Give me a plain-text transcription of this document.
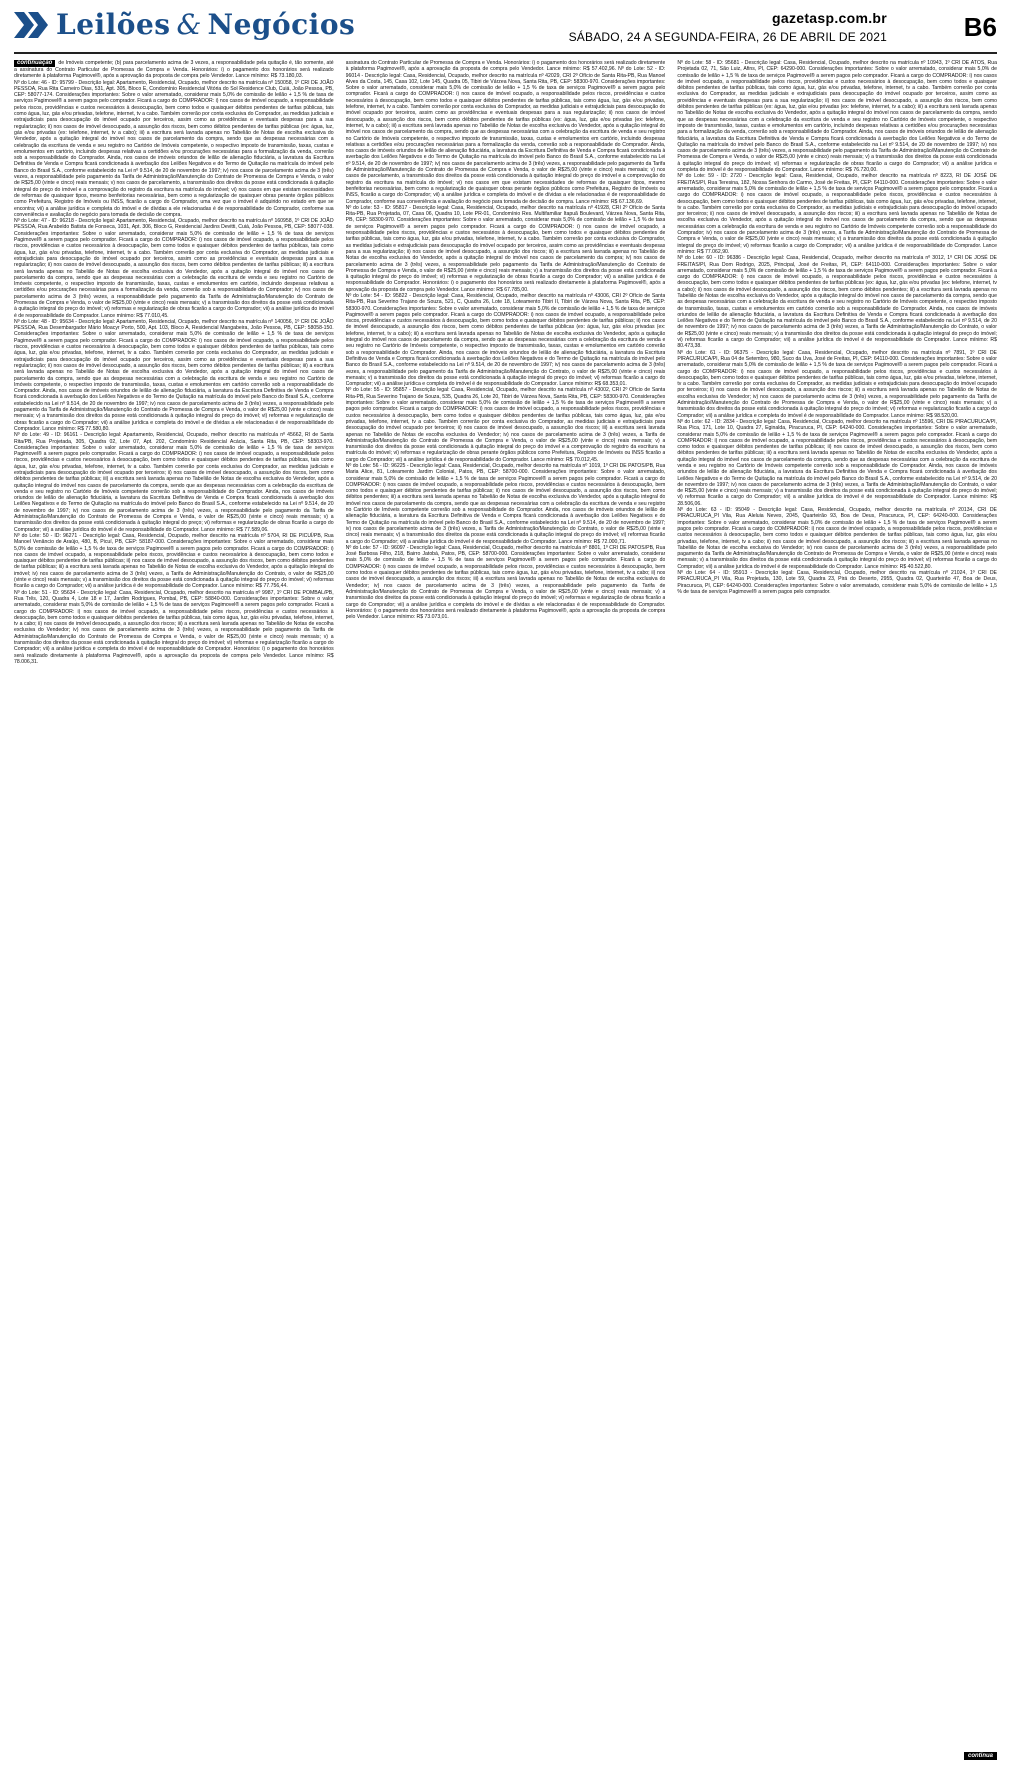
Leilões & Negócios	gazetasp.com.br
SÁBADO, 24 A SEGUNDA-FEIRA, 26 DE ABRIL DE 2021	B6
continuação de Imóveis competente; (b) para parcelamento acima de 3 vezes, a responsabilidade pela quitação é, tão somente, até a assinatura do Contrato Particular de Promessa de Compra e Venda. Honorários: i) o pagamento dos honorários será realizado diretamente à plataforma Pagimovel®, após a aprovação da proposta de compra pelo Vendedor. Lance mínimo: R$ 73.180,03.
Nº do Lote: 46 - ID: 95799 - Descrição legal: Apartamento, Residencial, Ocupado, melhor descrito na matrícula nº 150058, 1º CRI DE JOÃO PESSOA, Rua Rita Carneiro Dias, 531, Apt. 305, Bloco E, Condomínio Residencial Vitória do Sol Residence Club, Cuiá, João Pessoa, PB, CEP: 58077-174. Considerações importantes: Sobre o valor arrematado, considerar mais 5,0% de comissão de leilão + 1,5 % de taxa de serviços Pagimovel® a serem pagos pelo comprador. Ficará a cargo do COMPRADOR: i) nos casos de imóvel ocupado, a responsabilidade pelos riscos, providências e custos necessários à desocupação, bem como todos e quaisquer débitos pendentes de tarifas públicas, tais como água, luz, gás e/ou privadas, telefone, internet, tv a cabo. Também correrão por conta exclusiva do Comprador, as medidas judiciais e extrajudiciais para desocupação do imóvel ocupado por terceiros, assim como as providências e eventuais despesas para a sua regularização; ii) nos casos de imóvel desocupado, a assunção dos riscos, bem como débitos pendentes de tarifas públicas (ex: água, luz, gás e/ou privadas (ex: telefone, internet, tv a cabo); iii) a escritura será lavrada apenas no Tabelião de Notas de escolha exclusiva do Vendedor, após a quitação integral do imóvel nos casos de parcelamento da compra, sendo que as despesas necessárias com a celebração da escritura de venda e seu registro no Cartório de Imóveis competente, o respectivo imposto de transmissão, taxas, custas e emolumentos em cartório, incluindo despesas relativas a certidões e/ou procurações necessárias para a formalização da venda, correrão sob a responsabilidade do Comprador. Ainda, nos casos de imóveis oriundos de leilão de alienação fiduciária, a lavratura da Escritura Definitiva de Venda e Compra ficará condicionada à averbação dos Leilões Negativos e do Termo de Quitação na matrícula do imóvel pelo Banco do Brasil S.A., conforme estabelecido na Lei nº 9.514, de 20 de novembro de 1997; iv) nos casos de parcelamento acima de 3 (três) vezes, a responsabilidade pelo pagamento da Tarifa de Administração/Manutenção do Contrato de Promessa de Compra e Venda, o valor de R$25,00 (vinte e cinco) reais mensais; v) nos casos de parcelamento, a transmissão dos direitos da posse está condicionada à quitação integral do preço do imóvel e a comprovação do registro da escritura na matrícula do imóvel; vi) nos casos em que existam necessidades de reformas de quaisquer tipos, mesmo benfeitorias necessárias, bem como a regularização de quaisquer obras perante órgãos públicos como Prefeitura, Registro de Imóveis ou INSS, ficarão a cargo do Comprador, uma vez que o imóvel é adquirido no estado em que se encontra; vii) a análise jurídica e completa do imóvel e de dívidas a ele relacionadas é de responsabilidade do Comprador, conforme sua conveniência e avaliação do negócio para tomada de decisão de compra.
Nº do Lote: 47 - ID: 96218 - Descrição legal: Apartamento, Residencial, Ocupado, melhor descrito na matrícula nº 160958, 1º CRI DE JOÃO PESSOA, Rua Arabeldo Batista de Fonseca, 1031, Apt. 306, Bloco G, Residencial Jardins Devitti, Cuiá, João Pessoa, PB, CEP: 58077-038. Considerações importantes: Sobre o valor arrematado, considerar mais 5,0% de comissão de leilão + 1,5 % de taxa de serviços Pagimovel® a serem pagos pelo comprador. Ficará a cargo do COMPRADOR: i) nos casos de imóvel ocupado, a responsabilidade pelos riscos, providências e custos necessários à desocupação, bem como todos e quaisquer débitos pendentes de tarifas públicas, tais como água, luz, gás e/ou privadas, telefone, internet, tv a cabo. Também correrão por conta exclusiva do Comprador, as medidas judiciais e extrajudiciais para desocupação do imóvel ocupado por terceiros, assim como as providências e eventuais despesas para a sua regularização; ii) nos casos de imóvel desocupado, a assunção dos riscos, bem como débitos pendentes de tarifas públicas; iii) a escritura será lavrada apenas no Tabelião de Notas de escolha exclusiva do Vendedor, após a quitação integral do imóvel nos casos de parcelamento da compra, sendo que as despesas necessárias com a celebração da escritura de venda e seu registro no Cartório de Imóveis competente, o respectivo imposto de transmissão, taxas, custas e emolumentos em cartório, incluindo despesas relativas a certidões e/ou procurações necessárias para a formalização da venda, correrão sob a responsabilidade do Comprador; iv) nos casos de parcelamento acima de 3 (três) vezes, a responsabilidade pelo pagamento da Tarifa de Administração/Manutenção do Contrato de Promessa de Compra e Venda, o valor de R$25,00 (vinte e cinco) reais mensais; v) a transmissão dos direitos da posse está condicionada à quitação integral do preço do imóvel; vi) reformas e regularização de obras ficarão a cargo do Comprador; vii) a análise jurídica do imóvel é de responsabilidade do Comprador. Lance mínimo: R$ 77.010,45.
Nº do Lote: 48 - ID: 95634 - Descrição legal: Apartamento, Residencial, Ocupado, melhor descrito na matrícula nº 140056, 1º CRI DE JOÃO PESSOA, Rua Desembargador Mário Moacyr Porto, 500, Apt. 103, Bloco A, Residencial Mangabeira, João Pessoa, PB, CEP: 58058-150. Considerações importantes: Sobre o valor arrematado, considerar mais 5,0% de comissão de leilão + 1,5 % de taxa de serviços Pagimovel® a serem pagos pelo comprador. Ficará a cargo do COMPRADOR: i) nos casos de imóvel ocupado, a responsabilidade pelos riscos, providências e custos necessários à desocupação, bem como todos e quaisquer débitos pendentes de tarifas públicas, tais como água, luz, gás e/ou privadas, telefone, internet, tv a cabo. Também correrão por conta exclusiva do Comprador, as medidas judiciais e extrajudiciais para desocupação do imóvel ocupado por terceiros, assim como as providências e eventuais despesas para a sua regularização; ii) nos casos de imóvel desocupado, a assunção dos riscos, bem como débitos pendentes de tarifas públicas; iii) a escritura será lavrada apenas no Tabelião de Notas de escolha exclusiva do Vendedor, após a quitação integral do imóvel nos casos de parcelamento da compra, sendo que as despesas necessárias com a celebração da escritura de venda e seu registro no Cartório de Imóveis competente, o respectivo imposto de transmissão, taxas, custas e emolumentos em cartório correrão sob a responsabilidade do Comprador. Ainda, nos casos de imóveis oriundos de leilão de alienação fiduciária, a lavratura da Escritura Definitiva de Venda e Compra ficará condicionada à averbação dos Leilões Negativos e do Termo de Quitação na matrícula do imóvel pelo Banco do Brasil S.A., conforme estabelecido na Lei nº 9.514, de 20 de novembro de 1997; iv) nos casos de parcelamento acima de 3 (três) vezes, a responsabilidade pelo pagamento da Tarifa de Administração/Manutenção do Contrato de Promessa de Compra e Venda, o valor de R$25,00 (vinte e cinco) reais mensais; v) a transmissão dos direitos da posse está condicionada à quitação integral do preço do imóvel; vi) reformas e regularização de obras ficarão a cargo do Comprador; vii) a análise jurídica e completa do imóvel e de dívidas a ele relacionadas é de responsabilidade do Comprador. Lance mínimo: R$ 77.580,80.
Nº do Lote: 49 - ID: 96161 - Descrição legal: Apartamento, Residencial, Ocupado, melhor descrito na matrícula nº 45662, RI de Santa Rita/PB, Rua Projetada, 305, Quadra 02, Lote 07, Apt. 202, Condomínio Residencial Acácia, Santa Rita, PB, CEP: 58303-970. Considerações importantes: Sobre o valor arrematado, considerar mais 5,0% de comissão de leilão + 1,5 % de taxa de serviços Pagimovel® a serem pagos pelo comprador. Ficará a cargo do COMPRADOR: i) nos casos de imóvel ocupado, a responsabilidade pelos riscos, providências e custos necessários à desocupação, bem como todos e quaisquer débitos pendentes de tarifas públicas, tais como água, luz, gás e/ou privadas, telefone, internet, tv a cabo. Também correrão por conta exclusiva do Comprador, as medidas judiciais e extrajudiciais para desocupação do imóvel ocupado por terceiros; ii) nos casos de imóvel desocupado, a assunção dos riscos, bem como débitos pendentes de tarifas públicas; iii) a escritura será lavrada apenas no Tabelião de Notas de escolha exclusiva do Vendedor, após a quitação integral do imóvel nos casos de parcelamento da compra, sendo que as despesas necessárias com a celebração da escritura de venda e seu registro no Cartório de Imóveis competente correrão sob a responsabilidade do Comprador. Ainda, nos casos de imóveis oriundos de leilão de alienação fiduciária, a lavratura da Escritura Definitiva de Venda e Compra ficará condicionada à averbação dos Leilões Negativos e do Termo de Quitação na matrícula do imóvel pelo Banco do Brasil S.A., conforme estabelecido na Lei nº 9.514, de 20 de novembro de 1997; iv) nos casos de parcelamento acima de 3 (três) vezes, a responsabilidade pelo pagamento da Tarifa de Administração/Manutenção do Contrato de Promessa de Compra e Venda, o valor de R$25,00 (vinte e cinco) reais mensais; v) a transmissão dos direitos da posse está condicionada à quitação integral do preço; vi) reformas e regularização de obras ficarão a cargo do Comprador; vii) a análise jurídica do imóvel é de responsabilidade do Comprador. Lance mínimo: R$ 77.589,06.
Nº do Lote: 50 - ID: 96271 - Descrição legal: Casa, Residencial, Ocupado, melhor descrito na matrícula nº 5704, RI DE PICUÍ/PB, Rua Manoel Venâncio de Araújo, 480, B, Picuí, PB, CEP: 58187-000. Considerações importantes: Sobre o valor arrematado, considerar mais 5,0% de comissão de leilão + 1,5 % de taxa de serviços Pagimovel® a serem pagos pelo comprador. Ficará a cargo do COMPRADOR: i) nos casos de imóvel ocupado, a responsabilidade pelos riscos, providências e custos necessários à desocupação, bem como todos e quaisquer débitos pendentes de tarifas públicas; ii) nos casos de imóvel desocupado, a assunção dos riscos, bem como débitos pendentes de tarifas públicas; iii) a escritura será lavrada apenas no Tabelião de Notas de escolha exclusiva do Vendedor, após a quitação integral do imóvel; iv) nos casos de parcelamento acima de 3 (três) vezes, a Tarifa de Administração/Manutenção do Contrato, o valor de R$25,00 (vinte e cinco) reais mensais; v) a transmissão dos direitos da posse está condicionada à quitação integral do preço do imóvel; vi) reformas ficarão a cargo do Comprador; vii) a análise jurídica é de responsabilidade do Comprador. Lance mínimo: R$ 77.756,44.
Nº do Lote: 51 - ID: 95634 - Descrição legal: Casa, Residencial, Ocupado, melhor descrito na matrícula nº 9987, 1º CRI DE POMBAL/PB, Rua Três, 120, Quadra 4, Lote 18 e 17, Jardim Rodrigues, Pombal, PB, CEP: 58840-000. Considerações importantes: Sobre o valor arrematado, considerar mais 5,0% de comissão de leilão + 1,5 % de taxa de serviços Pagimovel® a serem pagos pelo comprador. Ficará a cargo do COMPRADOR: i) nos casos de imóvel ocupado, a responsabilidade pelos riscos, providências e custos necessários à desocupação, bem como todos e quaisquer débitos pendentes de tarifas públicas, tais como água, luz, gás e/ou privadas, telefone, internet, tv a cabo; ii) nos casos de imóvel desocupado, a assunção dos riscos; iii) a escritura será lavrada apenas no Tabelião de Notas de escolha exclusiva do Vendedor; iv) nos casos de parcelamento acima de 3 (três) vezes, a responsabilidade pelo pagamento da Tarifa de Administração/Manutenção do Contrato de Promessa de Compra e Venda, o valor de R$25,00 (vinte e cinco) reais mensais; v) a transmissão dos direitos da posse está condicionada à quitação integral do preço do imóvel; vi) reformas e regularização ficarão a cargo do Comprador; vii) a análise jurídica e completa do imóvel é de responsabilidade do Comprador. Honorários: i) o pagamento dos honorários será realizado diretamente à plataforma Pagimovel®, após a aprovação da proposta de compra pelo Vendedor. Lance mínimo: R$ 78.006,31.
assinatura do Contrato Particular de Promessa de Compra e Venda. Honorários: i) o pagamento dos honorários será realizado diretamente à plataforma Pagimovel®, após a aprovação da proposta de compra pelo Vendedor. Lance mínimo: R$ 57.402,96. Nº do Lote: 52 - ID: 96014 - Descrição legal: Casa, Residencial, Ocupado, melhor descrito na matrícula nº 42029, CRI 2º Ofício de Santa Rita-PB, Rua Manoel Alves da Costa, 145, Casa 102, Lote 145, Quadra 05, Tibiri de Várzea Nova, Santa Rita, PB, CEP: 58300-970. Considerações importantes: Sobre o valor arrematado, considerar mais 5,0% de comissão de leilão + 1,5 % de taxa de serviços Pagimovel® a serem pagos pelo comprador. Ficará a cargo do COMPRADOR: i) nos casos de imóvel ocupado, a responsabilidade pelos riscos, providências e custos necessários à desocupação, bem como todos e quaisquer débitos pendentes de tarifas públicas, tais como água, luz, gás e/ou privadas, telefone, internet, tv a cabo. Também correrão por conta exclusiva do Comprador, as medidas judiciais e extrajudiciais para desocupação do imóvel ocupado por terceiros, assim como as providências e eventuais despesas para a sua regularização; ii) nos casos de imóvel desocupado, a assunção dos riscos, bem como débitos pendentes de tarifas públicas (ex: água, luz, gás e/ou privadas (ex: telefone, internet, tv a cabo); iii) a escritura será lavrada apenas no Tabelião de Notas de escolha exclusiva do Vendedor, após a quitação integral do imóvel nos casos de parcelamento da compra, sendo que as despesas necessárias com a celebração da escritura de venda e seu registro no Cartório de Imóveis competente, o respectivo imposto de transmissão, taxas, custas e emolumentos em cartório, incluindo despesas relativas a certidões e/ou procurações necessárias para a formalização da venda, correrão sob a responsabilidade do Comprador. Ainda, nos casos de imóveis oriundos de leilão de alienação fiduciária, a lavratura da Escritura Definitiva de Venda e Compra ficará condicionada à averbação dos Leilões Negativos e do Termo de Quitação na matrícula do imóvel pelo Banco do Brasil S.A., conforme estabelecido na Lei nº 9.514, de 20 de novembro de 1997; iv) nos casos de parcelamento acima de 3 (três) vezes, a responsabilidade pelo pagamento da Tarifa de Administração/Manutenção do Contrato de Promessa de Compra e Venda, o valor de R$25,00 (vinte e cinco) reais mensais; v) nos casos de parcelamento, a transmissão dos direitos da posse está condicionada à quitação integral do preço do imóvel e a comprovação do registro da escritura na matrícula do imóvel; vi) nos casos em que existam necessidades de reformas de quaisquer tipos, mesmo benfeitorias necessárias, bem como a regularização de quaisquer obras perante órgãos públicos como Prefeitura, Registro de Imóveis ou INSS, ficarão a cargo do Comprador; vii) a análise jurídica e completa do imóvel e de dívidas a ele relacionadas é de responsabilidade do Comprador, conforme sua conveniência e avaliação do negócio para tomada de decisão de compra. Lance mínimo: R$ 67.136,69.
Nº do Lote: 53 - ID: 95817 - Descrição legal: Casa, Residencial, Ocupado, melhor descrito na matrícula nº 41928, CRI 2º Ofício de Santa Rita-PB, Rua Projetada, 07, Casa 06, Quadra 10, Lote PR-01, Condomínio Res. Multifamiliar Itapuã Boulevard, Várzea Nova, Santa Rita, PB, CEP: 58300-970. Considerações importantes: Sobre o valor arrematado, considerar mais 5,0% de comissão de leilão + 1,5 % de taxa de serviços Pagimovel® a serem pagos pelo comprador. Ficará a cargo do COMPRADOR: i) nos casos de imóvel ocupado, a responsabilidade pelos riscos, providências e custos necessários à desocupação, bem como todos e quaisquer débitos pendentes de tarifas públicas, tais como água, luz, gás e/ou privadas, telefone, internet, tv a cabo. Também correrão por conta exclusiva do Comprador, as medidas judiciais e extrajudiciais para desocupação do imóvel ocupado por terceiros, assim como as providências e eventuais despesas para a sua regularização; ii) nos casos de imóvel desocupado, a assunção dos riscos; iii) a escritura será lavrada apenas no Tabelião de Notas de escolha exclusiva do Vendedor, após a quitação integral do imóvel nos casos de parcelamento da compra; iv) nos casos de parcelamento acima de 3 (três) vezes, a responsabilidade pelo pagamento da Tarifa de Administração/Manutenção do Contrato de Promessa de Compra e Venda, o valor de R$25,00 (vinte e cinco) reais mensais; v) a transmissão dos direitos da posse está condicionada à quitação integral do preço do imóvel; vi) reformas e regularização de obras ficarão a cargo do Comprador; vii) a análise jurídica é de responsabilidade do Comprador. Honorários: i) o pagamento dos honorários será realizado diretamente à plataforma Pagimovel®, após a aprovação da proposta de compra pelo Vendedor. Lance mínimo: R$ 67.785,00.
Nº do Lote: 54 - ID: 95822 - Descrição legal: Casa, Residencial, Ocupado, melhor descrito na matrícula nº 43006, CRI 2º Ofício de Santa Rita-PB, Rua Severino Trajano de Souza, 521, C, Quadra 26, Lote 18, Loteamento Tibiri II, Tibiri de Várzea Nova, Santa Rita, PB, CEP: 58300-970. Considerações importantes: Sobre o valor arrematado, considerar mais 5,0% de comissão de leilão + 1,5 % de taxa de serviços Pagimovel® a serem pagos pelo comprador. Ficará a cargo do COMPRADOR: i) nos casos de imóvel ocupado, a responsabilidade pelos riscos, providências e custos necessários à desocupação, bem como todos e quaisquer débitos pendentes de tarifas públicas; ii) nos casos de imóvel desocupado, a assunção dos riscos, bem como débitos pendentes de tarifas públicas (ex: água, luz, gás e/ou privadas (ex: telefone, internet, tv a cabo); iii) a escritura será lavrada apenas no Tabelião de Notas de escolha exclusiva do Vendedor, após a quitação integral do imóvel nos casos de parcelamento da compra, sendo que as despesas necessárias com a celebração da escritura de venda e seu registro no Cartório de Imóveis competente, o respectivo imposto de transmissão, taxas, custas e emolumentos em cartório correrão sob a responsabilidade do Comprador. Ainda, nos casos de imóveis oriundos de leilão de alienação fiduciária, a lavratura da Escritura Definitiva de Venda e Compra ficará condicionada à averbação dos Leilões Negativos e do Termo de Quitação na matrícula do imóvel pelo Banco do Brasil S.A., conforme estabelecido na Lei nº 9.514, de 20 de novembro de 1997; iv) nos casos de parcelamento acima de 3 (três) vezes, a responsabilidade pelo pagamento da Tarifa de Administração/Manutenção do Contrato, o valor de R$25,00 (vinte e cinco) reais mensais; v) a transmissão dos direitos da posse está condicionada à quitação integral do preço do imóvel; vi) reformas ficarão a cargo do Comprador; vii) a análise jurídica e completa do imóvel é de responsabilidade do Comprador. Lance mínimo: R$ 68.353,01.
Nº do Lote: 55 - ID: 95857 - Descrição legal: Casa, Residencial, Ocupado, melhor descrito na matrícula nº 43002, CRI 2º Ofício de Santa Rita-PB, Rua Severino Trajano de Souza, 535, Quadra 26, Lote 20, Tibiri de Várzea Nova, Santa Rita, PB, CEP: 58300-970. Considerações importantes: Sobre o valor arrematado, considerar mais 5,0% de comissão de leilão + 1,5 % de taxa de serviços Pagimovel® a serem pagos pelo comprador. Ficará a cargo do COMPRADOR: i) nos casos de imóvel ocupado, a responsabilidade pelos riscos, providências e custos necessários à desocupação, bem como todos e quaisquer débitos pendentes de tarifas públicas, tais como água, luz, gás e/ou privadas, telefone, internet, tv a cabo. Também correrão por conta exclusiva do Comprador, as medidas judiciais e extrajudiciais para desocupação do imóvel ocupado por terceiros; ii) nos casos de imóvel desocupado, a assunção dos riscos; iii) a escritura será lavrada apenas no Tabelião de Notas de escolha exclusiva do Vendedor; iv) nos casos de parcelamento acima de 3 (três) vezes, a Tarifa de Administração/Manutenção do Contrato de Promessa de Compra e Venda, o valor de R$25,00 (vinte e cinco) reais mensais; v) a transmissão dos direitos da posse está condicionada à quitação integral do preço do imóvel e a comprovação do registro da escritura na matrícula do imóvel; vi) reformas e regularização de obras perante órgãos públicos como Prefeitura, Registro de Imóveis ou INSS ficarão a cargo do Comprador; vii) a análise jurídica é de responsabilidade do Comprador. Lance mínimo: R$ 70.012,45.
Nº do Lote: 56 - ID: 96225 - Descrição legal: Casa, Residencial, Ocupado, melhor descrito na matrícula nº 1019, 1º CRI DE PATOS/PB, Rua Maria Alice, 81, Loteamento Jardim Colonial, Patos, PB, CEP: 58700-000. Considerações importantes: Sobre o valor arrematado, considerar mais 5,0% de comissão de leilão + 1,5 % de taxa de serviços Pagimovel® a serem pagos pelo comprador. Ficará a cargo do COMPRADOR: i) nos casos de imóvel ocupado, a responsabilidade pelos riscos, providências e custos necessários à desocupação, bem como todos e quaisquer débitos pendentes de tarifas públicas; ii) nos casos de imóvel desocupado, a assunção dos riscos, bem como débitos pendentes; iii) a escritura será lavrada apenas no Tabelião de Notas de escolha exclusiva do Vendedor, após a quitação integral do imóvel nos casos de parcelamento da compra, sendo que as despesas necessárias com a celebração da escritura de venda e seu registro no Cartório de Imóveis competente correrão sob a responsabilidade do Comprador. Ainda, nos casos de imóveis oriundos de leilão de alienação fiduciária, a lavratura da Escritura Definitiva de Venda e Compra ficará condicionada à averbação dos Leilões Negativos e do Termo de Quitação na matrícula do imóvel pelo Banco do Brasil S.A., conforme estabelecido na Lei nº 9.514, de 20 de novembro de 1997; iv) nos casos de parcelamento acima de 3 (três) vezes, a Tarifa de Administração/Manutenção do Contrato, o valor de R$25,00 (vinte e cinco) reais mensais; v) a transmissão dos direitos da posse está condicionada à quitação integral do preço do imóvel; vi) reformas ficarão a cargo do Comprador; vii) a análise jurídica do imóvel é de responsabilidade do Comprador. Lance mínimo: R$ 72.000,71.
Nº do Lote: 57 - ID: 96097 - Descrição legal: Casa, Residencial, Ocupado, melhor descrito na matrícula nº 8801, 1º CRI DE PATOS/PB, Rua José Barbosa Filho, 218, Bairro Jatobá, Patos, PB, CEP: 58700-000. Considerações importantes: Sobre o valor arrematado, considerar mais 5,0% de comissão de leilão + 1,5 % de taxa de serviços Pagimovel® a serem pagos pelo comprador. Ficará a cargo do COMPRADOR: i) nos casos de imóvel ocupado, a responsabilidade pelos riscos, providências e custos necessários à desocupação, bem como todos e quaisquer débitos pendentes de tarifas públicas, tais como água, luz, gás e/ou privadas, telefone, internet, tv a cabo; ii) nos casos de imóvel desocupado, a assunção dos riscos; iii) a escritura será lavrada apenas no Tabelião de Notas de escolha exclusiva do Vendedor; iv) nos casos de parcelamento acima de 3 (três) vezes, a responsabilidade pelo pagamento da Tarifa de Administração/Manutenção do Contrato de Promessa de Compra e Venda, o valor de R$25,00 (vinte e cinco) reais mensais; v) a transmissão dos direitos da posse está condicionada à quitação integral do preço do imóvel; vi) reformas e regularização de obras ficarão a cargo do Comprador; vii) a análise jurídica e completa do imóvel e de dívidas a ele relacionadas é de responsabilidade do Comprador. Honorários: i) o pagamento dos honorários será realizado diretamente à plataforma Pagimovel®, após a aprovação da proposta de compra pelo Vendedor. Lance mínimo: R$ 73.073,01.
Nº do Lote: 58 - ID: 95681 - Descrição legal: Casa, Residencial, Ocupado, melhor descrito na matrícula nº 10943, 1º CRI DE ATOS, Rua Projetada 02, 71, São Luiz, Afins, PI, CEP: 64290-000. Considerações importantes: Sobre o valor arrematado, considerar mais 5,0% de comissão de leilão + 1,5 % de taxa de serviços Pagimovel® a serem pagos pelo comprador. Ficará a cargo do COMPRADOR: i) nos casos de imóvel ocupado, a responsabilidade pelos riscos, providências e custos necessários à desocupação, bem como todos e quaisquer débitos pendentes de tarifas públicas, tais como água, luz, gás e/ou privadas, telefone, internet, tv a cabo. Também correrão por conta exclusiva do Comprador, as medidas judiciais e extrajudiciais para desocupação do imóvel ocupado por terceiros, assim como as providências e eventuais despesas para a sua regularização; ii) nos casos de imóvel desocupado, a assunção dos riscos, bem como débitos pendentes de tarifas públicas (ex: água, luz, gás e/ou privadas (ex: telefone, internet, tv a cabo); iii) a escritura será lavrada apenas no Tabelião de Notas de escolha exclusiva do Vendedor, após a quitação integral do imóvel nos casos de parcelamento da compra, sendo que as despesas necessárias com a celebração da escritura de venda e seu registro no Cartório de Imóveis competente, o respectivo imposto de transmissão, taxas, custas e emolumentos em cartório, incluindo despesas relativas a certidões e/ou procurações necessárias para a formalização da venda, correrão sob a responsabilidade do Comprador. Ainda, nos casos de imóveis oriundos de leilão de alienação fiduciária, a lavratura da Escritura Definitiva de Venda e Compra ficará condicionada à averbação dos Leilões Negativos e do Termo de Quitação na matrícula do imóvel pelo Banco do Brasil S.A., conforme estabelecido na Lei nº 9.514, de 20 de novembro de 1997; iv) nos casos de parcelamento acima de 3 (três) vezes, a responsabilidade pelo pagamento da Tarifa de Administração/Manutenção do Contrato de Promessa de Compra e Venda, o valor de R$25,00 (vinte e cinco) reais mensais; v) a transmissão dos direitos da posse está condicionada à quitação integral do preço do imóvel; vi) reformas e regularização de obras ficarão a cargo do Comprador; vii) a análise jurídica e completa do imóvel é de responsabilidade do Comprador. Lance mínimo: R$ 76.720,00.
Nº do Lote: 59 - ID: 2720 - Descrição legal: Casa, Residencial, Ocupado, melhor descrito na matrícula nº 8223, RI DE JOSÉ DE FREITAS/PI, Rua Teresina, 182, Nossa Senhora do Carmo, José de Freitas, PI, CEP: 64110-000. Considerações importantes: Sobre o valor arrematado, considerar mais 5,0% de comissão de leilão + 1,5 % de taxa de serviços Pagimovel® a serem pagos pelo comprador. Ficará a cargo do COMPRADOR: i) nos casos de imóvel ocupado, a responsabilidade pelos riscos, providências e custos necessários à desocupação, bem como todos e quaisquer débitos pendentes de tarifas públicas, tais como água, luz, gás e/ou privadas, telefone, internet, tv a cabo. Também correrão por conta exclusiva do Comprador, as medidas judiciais e extrajudiciais para desocupação do imóvel ocupado por terceiros; ii) nos casos de imóvel desocupado, a assunção dos riscos; iii) a escritura será lavrada apenas no Tabelião de Notas de escolha exclusiva do Vendedor, após a quitação integral do imóvel nos casos de parcelamento da compra, sendo que as despesas necessárias com a celebração da escritura de venda e seu registro no Cartório de Imóveis competente correrão sob a responsabilidade do Comprador; iv) nos casos de parcelamento acima de 3 (três) vezes, a Tarifa de Administração/Manutenção do Contrato de Promessa de Compra e Venda, o valor de R$25,00 (vinte e cinco) reais mensais; v) a transmissão dos direitos da posse está condicionada à quitação integral do preço do imóvel; vi) reformas ficarão a cargo do Comprador; vii) a análise jurídica é de responsabilidade do Comprador. Lance mínimo: R$ 77.062,90.
Nº do Lote: 60 - ID: 96386 - Descrição legal: Casa, Residencial, Ocupado, melhor descrito na matrícula nº 3012, 1º CRI DE JOSÉ DE FREITAS/PI, Rua Dom Rodrigo, 2025, Principal, José de Freitas, PI, CEP: 64110-000. Considerações importantes: Sobre o valor arrematado, considerar mais 5,0% de comissão de leilão + 1,5 % de taxa de serviços Pagimovel® a serem pagos pelo comprador. Ficará a cargo do COMPRADOR: i) nos casos de imóvel ocupado, a responsabilidade pelos riscos, providências e custos necessários à desocupação, bem como todos e quaisquer débitos pendentes de tarifas públicas (ex: água, luz, gás e/ou privadas (ex: telefone, internet, tv a cabo); ii) nos casos de imóvel desocupado, a assunção dos riscos, bem como débitos pendentes; iii) a escritura será lavrada apenas no Tabelião de Notas de escolha exclusiva do Vendedor, após a quitação integral do imóvel nos casos de parcelamento da compra, sendo que as despesas necessárias com a celebração da escritura de venda e seu registro no Cartório de Imóveis competente, o respectivo imposto de transmissão, taxas, custas e emolumentos em cartório correrão sob a responsabilidade do Comprador. Ainda, nos casos de imóveis oriundos de leilão de alienação fiduciária, a lavratura da Escritura Definitiva de Venda e Compra ficará condicionada à averbação dos Leilões Negativos e do Termo de Quitação na matrícula do imóvel pelo Banco do Brasil S.A., conforme estabelecido na Lei nº 9.514, de 20 de novembro de 1997; iv) nos casos de parcelamento acima de 3 (três) vezes, a Tarifa de Administração/Manutenção do Contrato, o valor de R$25,00 (vinte e cinco) reais mensais; v) a transmissão dos direitos da posse está condicionada à quitação integral do preço do imóvel; vi) reformas ficarão a cargo do Comprador; vii) a análise jurídica do imóvel é de responsabilidade do Comprador. Lance mínimo: R$ 80.473,38.
Nº do Lote: 61 - ID: 96375 - Descrição legal: Casa, Residencial, Ocupado, melhor descrito na matrícula nº 7891, 1º CRI DE PIRACURUCA/PI, Rua 04 de Setembro, 980, Suco da Uva, José de Freitas, PI, CEP: 64110-000. Considerações importantes: Sobre o valor arrematado, considerar mais 5,0% de comissão de leilão + 1,5 % de taxa de serviços Pagimovel® a serem pagos pelo comprador. Ficará a cargo do COMPRADOR: i) nos casos de imóvel ocupado, a responsabilidade pelos riscos, providências e custos necessários à desocupação, bem como todos e quaisquer débitos pendentes de tarifas públicas, tais como água, luz, gás e/ou privadas, telefone, internet, tv a cabo. Também correrão por conta exclusiva do Comprador, as medidas judiciais e extrajudiciais para desocupação do imóvel ocupado por terceiros; ii) nos casos de imóvel desocupado, a assunção dos riscos; iii) a escritura será lavrada apenas no Tabelião de Notas de escolha exclusiva do Vendedor; iv) nos casos de parcelamento acima de 3 (três) vezes, a responsabilidade pelo pagamento da Tarifa de Administração/Manutenção do Contrato de Promessa de Compra e Venda, o valor de R$25,00 (vinte e cinco) reais mensais; v) a transmissão dos direitos da posse está condicionada à quitação integral do preço do imóvel; vi) reformas e regularização ficarão a cargo do Comprador; vii) a análise jurídica e completa do imóvel é de responsabilidade do Comprador. Lance mínimo: R$ 98.520,00.
Nº do Lote: 62 - ID: 2834 - Descrição legal: Casa, Residencial, Ocupado, melhor descrito na matrícula nº 15596, CRI DE PIRACURUCA/PI, Rua Pica, 171, Lote 10, Quadra 27, Eginalda, Piracuruca, PI, CEP: 64240-000. Considerações importantes: Sobre o valor arrematado, considerar mais 5,0% de comissão de leilão + 1,5 % de taxa de serviços Pagimovel® a serem pagos pelo comprador. Ficará a cargo do COMPRADOR: i) nos casos de imóvel ocupado, a responsabilidade pelos riscos, providências e custos necessários à desocupação, bem como todos e quaisquer débitos pendentes de tarifas públicas; ii) nos casos de imóvel desocupado, a assunção dos riscos, bem como débitos pendentes de tarifas públicas; iii) a escritura será lavrada apenas no Tabelião de Notas de escolha exclusiva do Vendedor, após a quitação integral do imóvel nos casos de parcelamento da compra, sendo que as despesas necessárias com a celebração da escritura de venda e seu registro no Cartório de Imóveis competente correrão sob a responsabilidade do Comprador. Ainda, nos casos de imóveis oriundos de leilão de alienação fiduciária, a lavratura da Escritura Definitiva de Venda e Compra ficará condicionada à averbação dos Leilões Negativos e do Termo de Quitação na matrícula do imóvel pelo Banco do Brasil S.A., conforme estabelecido na Lei nº 9.514, de 20 de novembro de 1997; iv) nos casos de parcelamento acima de 3 (três) vezes, a Tarifa de Administração/Manutenção do Contrato, o valor de R$25,00 (vinte e cinco) reais mensais; v) a transmissão dos direitos da posse está condicionada à quitação integral do preço do imóvel; vi) reformas ficarão a cargo do Comprador; vii) a análise jurídica do imóvel é de responsabilidade do Comprador. Lance mínimo: R$ 28.506,06.
Nº do Lote: 63 - ID: 95049 - Descrição legal: Casa, Residencial, Ocupado, melhor descrito na matrícula nº 20134, CRI DE PIRACURUCA_PI Vila, Rua Aleluia Neves, 2045, Quarteirão 93, Boa de Deus, Piracuruca, PI, CEP: 64240-000. Considerações importantes: Sobre o valor arrematado, considerar mais 5,0% de comissão de leilão + 1,5 % de taxa de serviços Pagimovel® a serem pagos pelo comprador. Ficará a cargo do COMPRADOR: i) nos casos de imóvel ocupado, a responsabilidade pelos riscos, providências e custos necessários à desocupação, bem como todos e quaisquer débitos pendentes de tarifas públicas, tais como água, luz, gás e/ou privadas, telefone, internet, tv a cabo; ii) nos casos de imóvel desocupado, a assunção dos riscos; iii) a escritura será lavrada apenas no Tabelião de Notas de escolha exclusiva do Vendedor; iv) nos casos de parcelamento acima de 3 (três) vezes, a responsabilidade pelo pagamento da Tarifa de Administração/Manutenção do Contrato de Promessa de Compra e Venda, o valor de R$25,00 (vinte e cinco) reais mensais; v) a transmissão dos direitos da posse está condicionada à quitação integral do preço do imóvel; vi) reformas ficarão a cargo do Comprador; vii) a análise jurídica do imóvel é de responsabilidade do Comprador. Lance mínimo: R$ 40.522,80.
Nº do Lote: 64 - ID: 95913 - Descrição legal: Casa, Residencial, Ocupado, melhor descrito na matrícula nº 21024, 1º CRI DE PIRACURUCA_PI Vila, Rua Projetada, 130, Lote 59, Quadra 23, Pirá do Deserto, 2955, Quadra 02, Quarteirão 47, Boa de Deus, Piracuruca, PI, CEP: 64240-000. Considerações importantes: Sobre o valor arrematado, considerar mais 5,0% de comissão de leilão + 1,5 % de taxa de serviços Pagimovel® a serem pagos pelo comprador.
continua
